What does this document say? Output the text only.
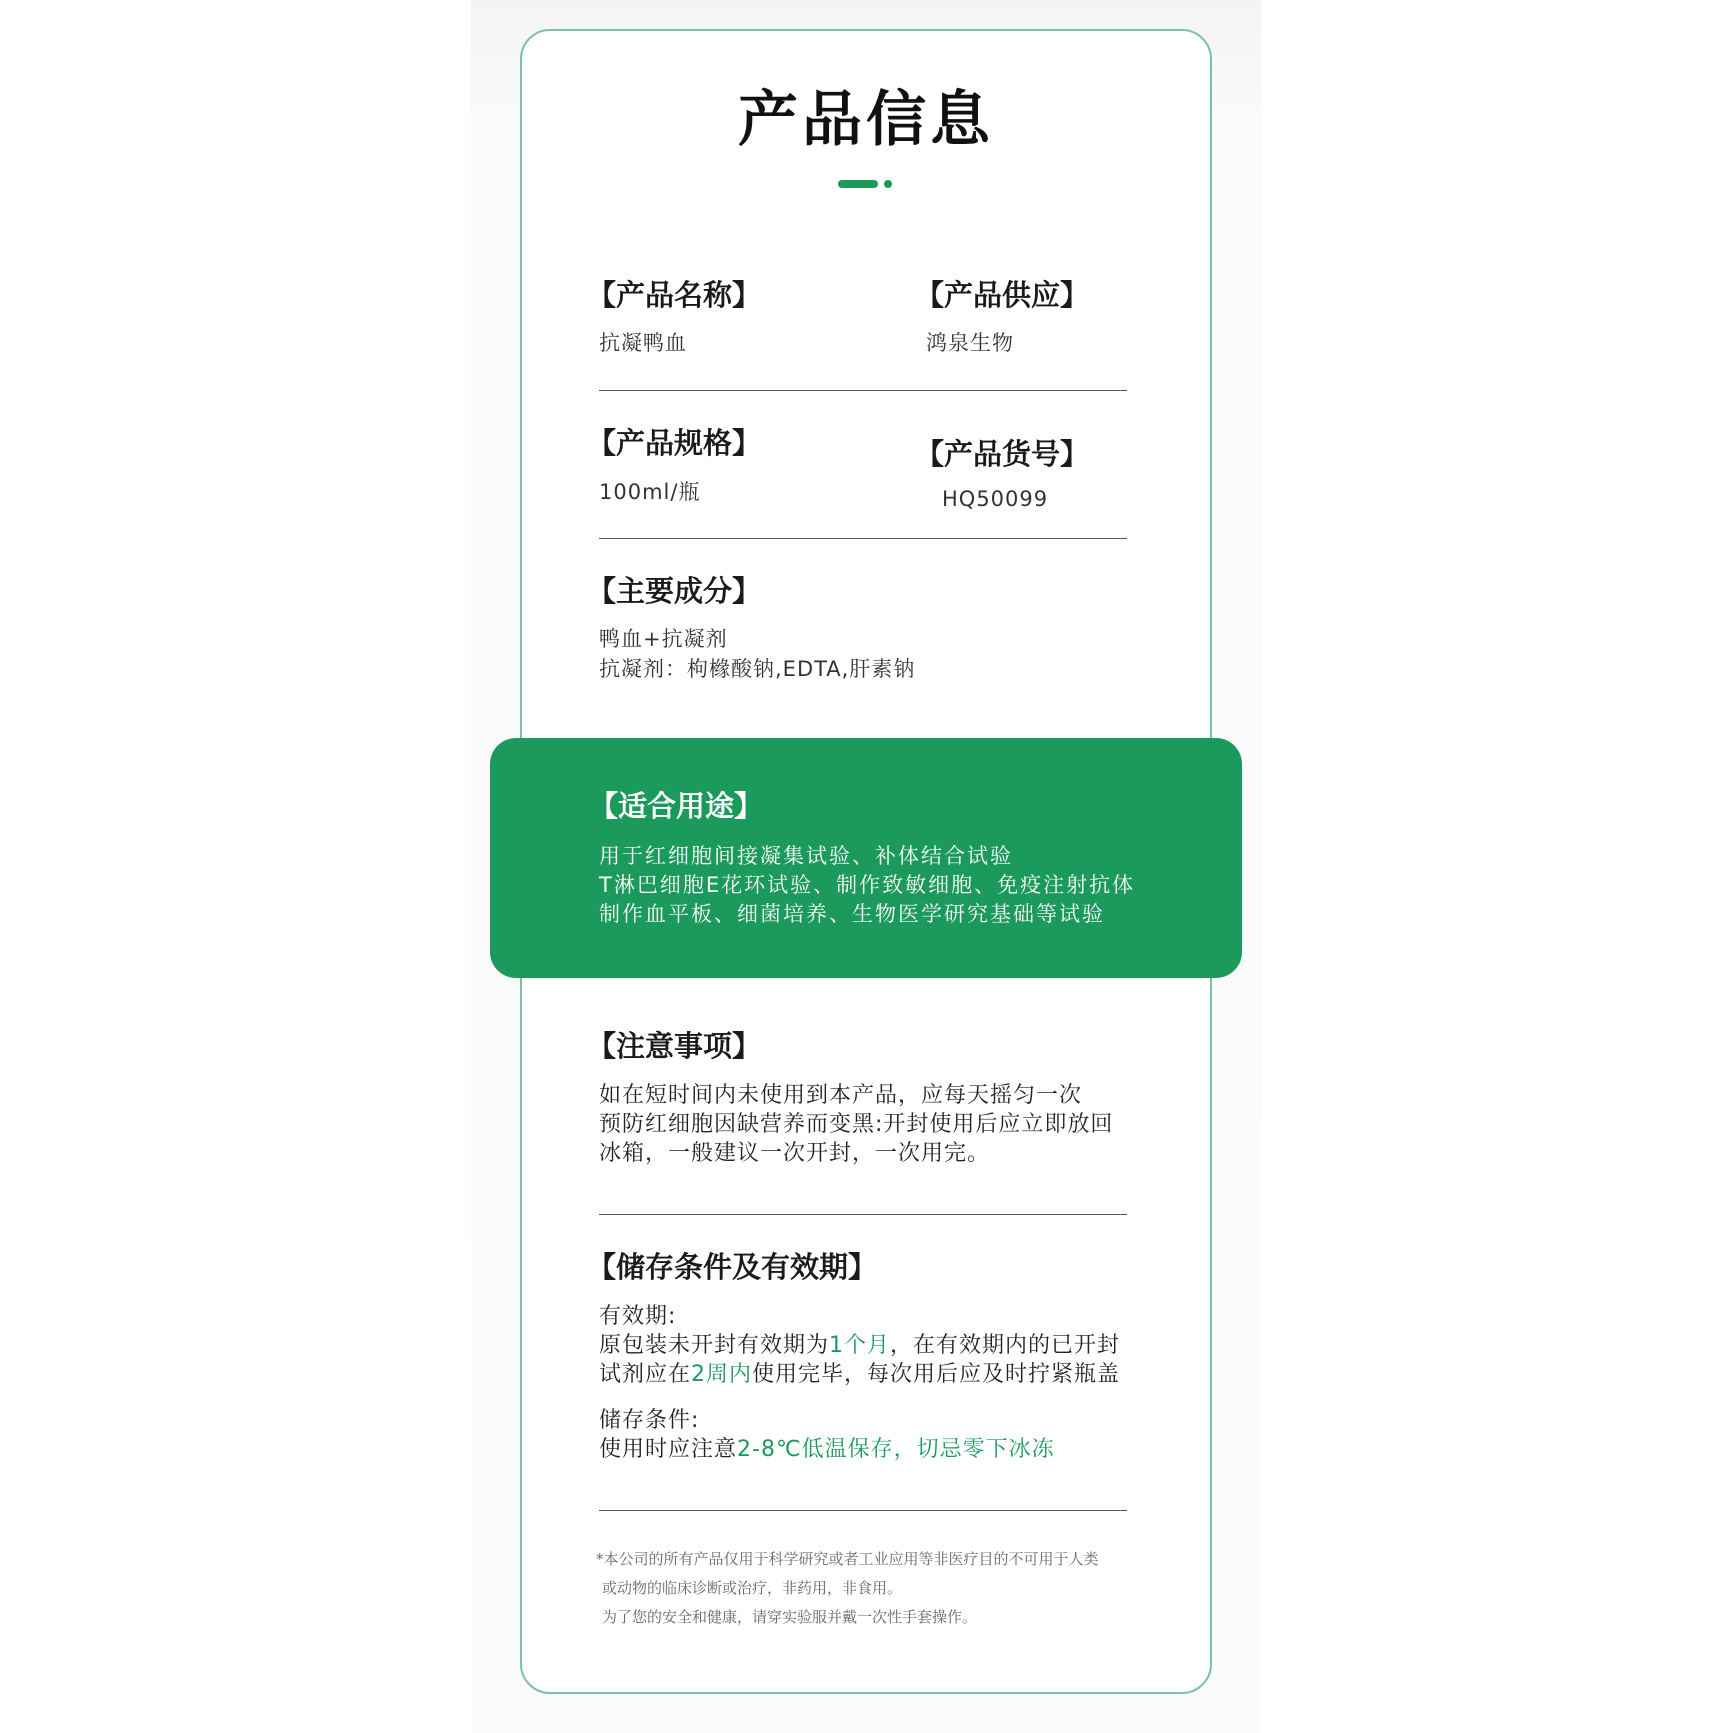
产品信息
【产品名称】
抗凝鸭血
【产品供应】
鸿泉生物
【产品规格】
100ml/瓶
【产品货号】
HQ50099
【主要成分】
鸭血+抗凝剂
抗凝剂：枸橼酸钠,EDTA,肝素钠
【适合用途】
用于红细胞间接凝集试验、补体结合试验
T淋巴细胞E花环试验、制作致敏细胞、免疫注射抗体
制作血平板、细菌培养、生物医学研究基础等试验
【注意事项】
如在短时间内未使用到本产品，应每天摇匀一次
预防红细胞因缺营养而变黑:开封使用后应立即放回
冰箱，一般建议一次开封，一次用完。
【储存条件及有效期】
有效期:
原包装未开封有效期为1个月，在有效期内的已开封
试剂应在2周内使用完毕，每次用后应及时拧紧瓶盖
储存条件:
使用时应注意2-8℃低温保存，切忌零下冰冻
*本公司的所有产品仅用于科学研究或者工业应用等非医疗目的不可用于人类
或动物的临床诊断或治疗，非药用，非食用。
为了您的安全和健康，请穿实验服并戴一次性手套操作。
